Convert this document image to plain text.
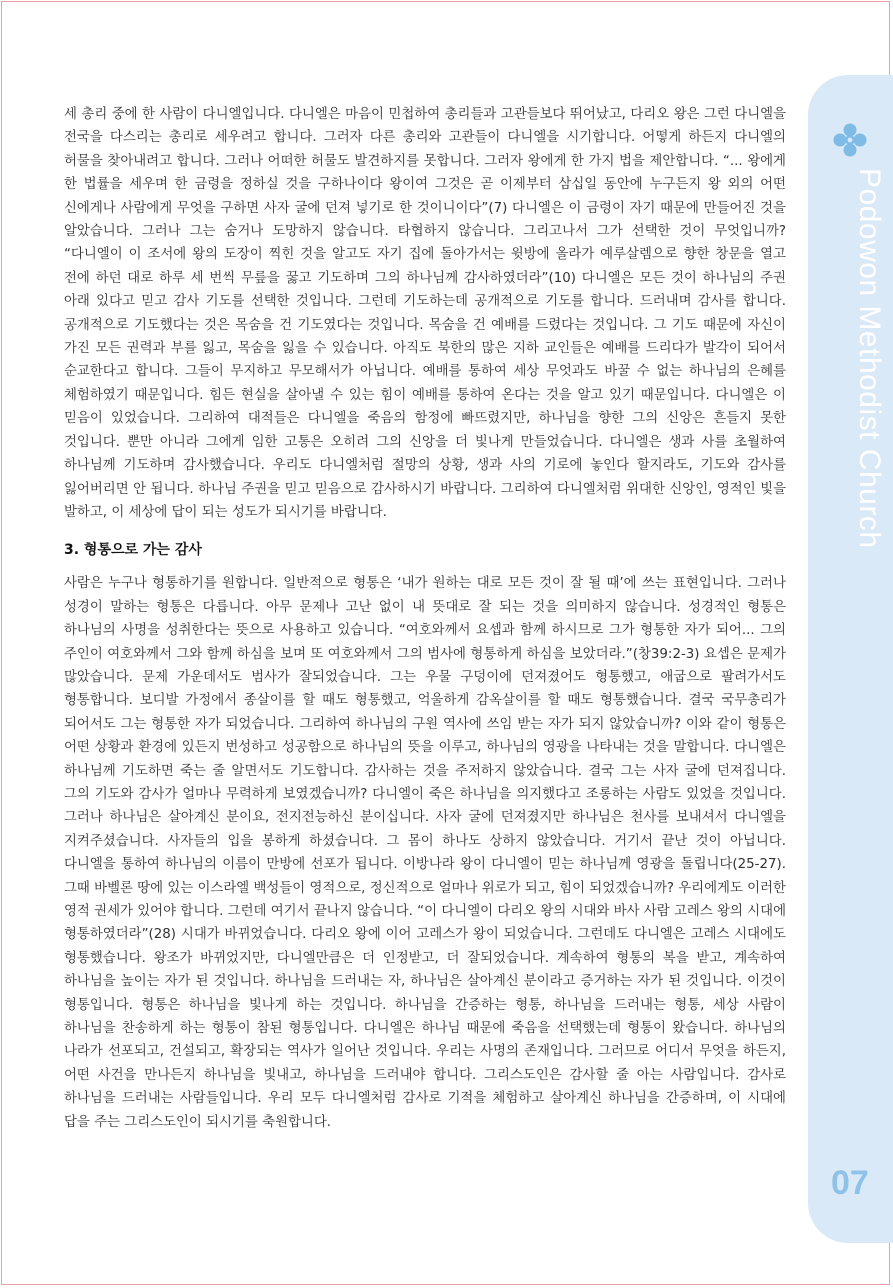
Podowon Methodist Church
07

세 총리 중에 한 사람이 다니엘입니다. 다니엘은 마음이 민첩하여 총리들과 고관들보다 뛰어났고, 다리오 왕은 그런 다니엘을 전국을 다스리는 총리로 세우려고 합니다. 그러자 다른 총리와 고관들이 다니엘을 시기합니다. 어떻게 하든지 다니엘의 허물을 찾아내려고 합니다. 그러나 어떠한 허물도 발견하지를 못합니다. 그러자 왕에게 한 가지 법을 제안합니다. “... 왕에게 한 법률을 세우며 한 금령을 정하실 것을 구하나이다 왕이여 그것은 곧 이제부터 삼십일 동안에 누구든지 왕 외의 어떤 신에게나 사람에게 무엇을 구하면 사자 굴에 던져 넣기로 한 것이니이다”(7) 다니엘은 이 금령이 자기 때문에 만들어진 것을 알았습니다. 그러나 그는 숨거나 도망하지 않습니다. 타협하지 않습니다. 그리고나서 그가 선택한 것이 무엇입니까? “다니엘이 이 조서에 왕의 도장이 찍힌 것을 알고도 자기 집에 돌아가서는 윗방에 올라가 예루살렘으로 향한 창문을 열고 전에 하던 대로 하루 세 번씩 무릎을 꿇고 기도하며 그의 하나님께 감사하였더라”(10) 다니엘은 모든 것이 하나님의 주권 아래 있다고 믿고 감사 기도를 선택한 것입니다. 그런데 기도하는데 공개적으로 기도를 합니다. 드러내며 감사를 합니다. 공개적으로 기도했다는 것은 목숨을 건 기도였다는 것입니다. 목숨을 건 예배를 드렸다는 것입니다. 그 기도 때문에 자신이 가진 모든 권력과 부를 잃고, 목숨을 잃을 수 있습니다. 아직도 북한의 많은 지하 교인들은 예배를 드리다가 발각이 되어서 순교한다고 합니다. 그들이 무지하고 무모해서가 아닙니다. 예배를 통하여 세상 무엇과도 바꿀 수 없는 하나님의 은혜를 체험하였기 때문입니다. 힘든 현실을 살아낼 수 있는 힘이 예배를 통하여 온다는 것을 알고 있기 때문입니다. 다니엘은 이 믿음이 있었습니다. 그리하여 대적들은 다니엘을 죽음의 함정에 빠뜨렸지만, 하나님을 향한 그의 신앙은 흔들지 못한 것입니다. 뿐만 아니라 그에게 임한 고통은 오히려 그의 신앙을 더 빛나게 만들었습니다. 다니엘은 생과 사를 초월하여 하나님께 기도하며 감사했습니다. 우리도 다니엘처럼 절망의 상황, 생과 사의 기로에 놓인다 할지라도, 기도와 감사를 잃어버리면 안 됩니다. 하나님 주권을 믿고 믿음으로 감사하시기 바랍니다. 그리하여 다니엘처럼 위대한 신앙인, 영적인 빛을 발하고, 이 세상에 답이 되는 성도가 되시기를 바랍니다.

3. 형통으로 가는 감사

사람은 누구나 형통하기를 원합니다. 일반적으로 형통은 ‘내가 원하는 대로 모든 것이 잘 될 때’에 쓰는 표현입니다. 그러나 성경이 말하는 형통은 다릅니다. 아무 문제나 고난 없이 내 뜻대로 잘 되는 것을 의미하지 않습니다. 성경적인 형통은 하나님의 사명을 성취한다는 뜻으로 사용하고 있습니다. “여호와께서 요셉과 함께 하시므로 그가 형통한 자가 되어... 그의 주인이 여호와께서 그와 함께 하심을 보며 또 여호와께서 그의 범사에 형통하게 하심을 보았더라.”(창39:2-3) 요셉은 문제가 많았습니다. 문제 가운데서도 범사가 잘되었습니다. 그는 우물 구덩이에 던져졌어도 형통했고, 애굽으로 팔려가서도 형통합니다. 보디발 가정에서 종살이를 할 때도 형통했고, 억울하게 감옥살이를 할 때도 형통했습니다. 결국 국무총리가 되어서도 그는 형통한 자가 되었습니다. 그리하여 하나님의 구원 역사에 쓰임 받는 자가 되지 않았습니까? 이와 같이 형통은 어떤 상황과 환경에 있든지 번성하고 성공함으로 하나님의 뜻을 이루고, 하나님의 영광을 나타내는 것을 말합니다. 다니엘은 하나님께 기도하면 죽는 줄 알면서도 기도합니다. 감사하는 것을 주저하지 않았습니다. 결국 그는 사자 굴에 던져집니다. 그의 기도와 감사가 얼마나 무력하게 보였겠습니까? 다니엘이 죽은 하나님을 의지했다고 조롱하는 사람도 있었을 것입니다. 그러나 하나님은 살아계신 분이요, 전지전능하신 분이십니다. 사자 굴에 던져졌지만 하나님은 천사를 보내셔서 다니엘을 지켜주셨습니다. 사자들의 입을 봉하게 하셨습니다. 그 몸이 하나도 상하지 않았습니다. 거기서 끝난 것이 아닙니다. 다니엘을 통하여 하나님의 이름이 만방에 선포가 됩니다. 이방나라 왕이 다니엘이 믿는 하나님께 영광을 돌립니다(25-27). 그때 바벨론 땅에 있는 이스라엘 백성들이 영적으로, 정신적으로 얼마나 위로가 되고, 힘이 되었겠습니까? 우리에게도 이러한 영적 권세가 있어야 합니다. 그런데 여기서 끝나지 않습니다. “이 다니엘이 다리오 왕의 시대와 바사 사람 고레스 왕의 시대에 형통하였더라”(28) 시대가 바뀌었습니다. 다리오 왕에 이어 고레스가 왕이 되었습니다. 그런데도 다니엘은 고레스 시대에도 형통했습니다. 왕조가 바뀌었지만, 다니엘만큼은 더 인정받고, 더 잘되었습니다. 계속하여 형통의 복을 받고, 계속하여 하나님을 높이는 자가 된 것입니다. 하나님을 드러내는 자, 하나님은 살아계신 분이라고 증거하는 자가 된 것입니다. 이것이 형통입니다. 형통은 하나님을 빛나게 하는 것입니다. 하나님을 간증하는 형통, 하나님을 드러내는 형통, 세상 사람이 하나님을 찬송하게 하는 형통이 참된 형통입니다. 다니엘은 하나님 때문에 죽음을 선택했는데 형통이 왔습니다. 하나님의 나라가 선포되고, 건설되고, 확장되는 역사가 일어난 것입니다. 우리는 사명의 존재입니다. 그러므로 어디서 무엇을 하든지, 어떤 사건을 만나든지 하나님을 빛내고, 하나님을 드러내야 합니다. 그리스도인은 감사할 줄 아는 사람입니다. 감사로 하나님을 드러내는 사람들입니다. 우리 모두 다니엘처럼 감사로 기적을 체험하고 살아계신 하나님을 간증하며, 이 시대에 답을 주는 그리스도인이 되시기를 축원합니다.
